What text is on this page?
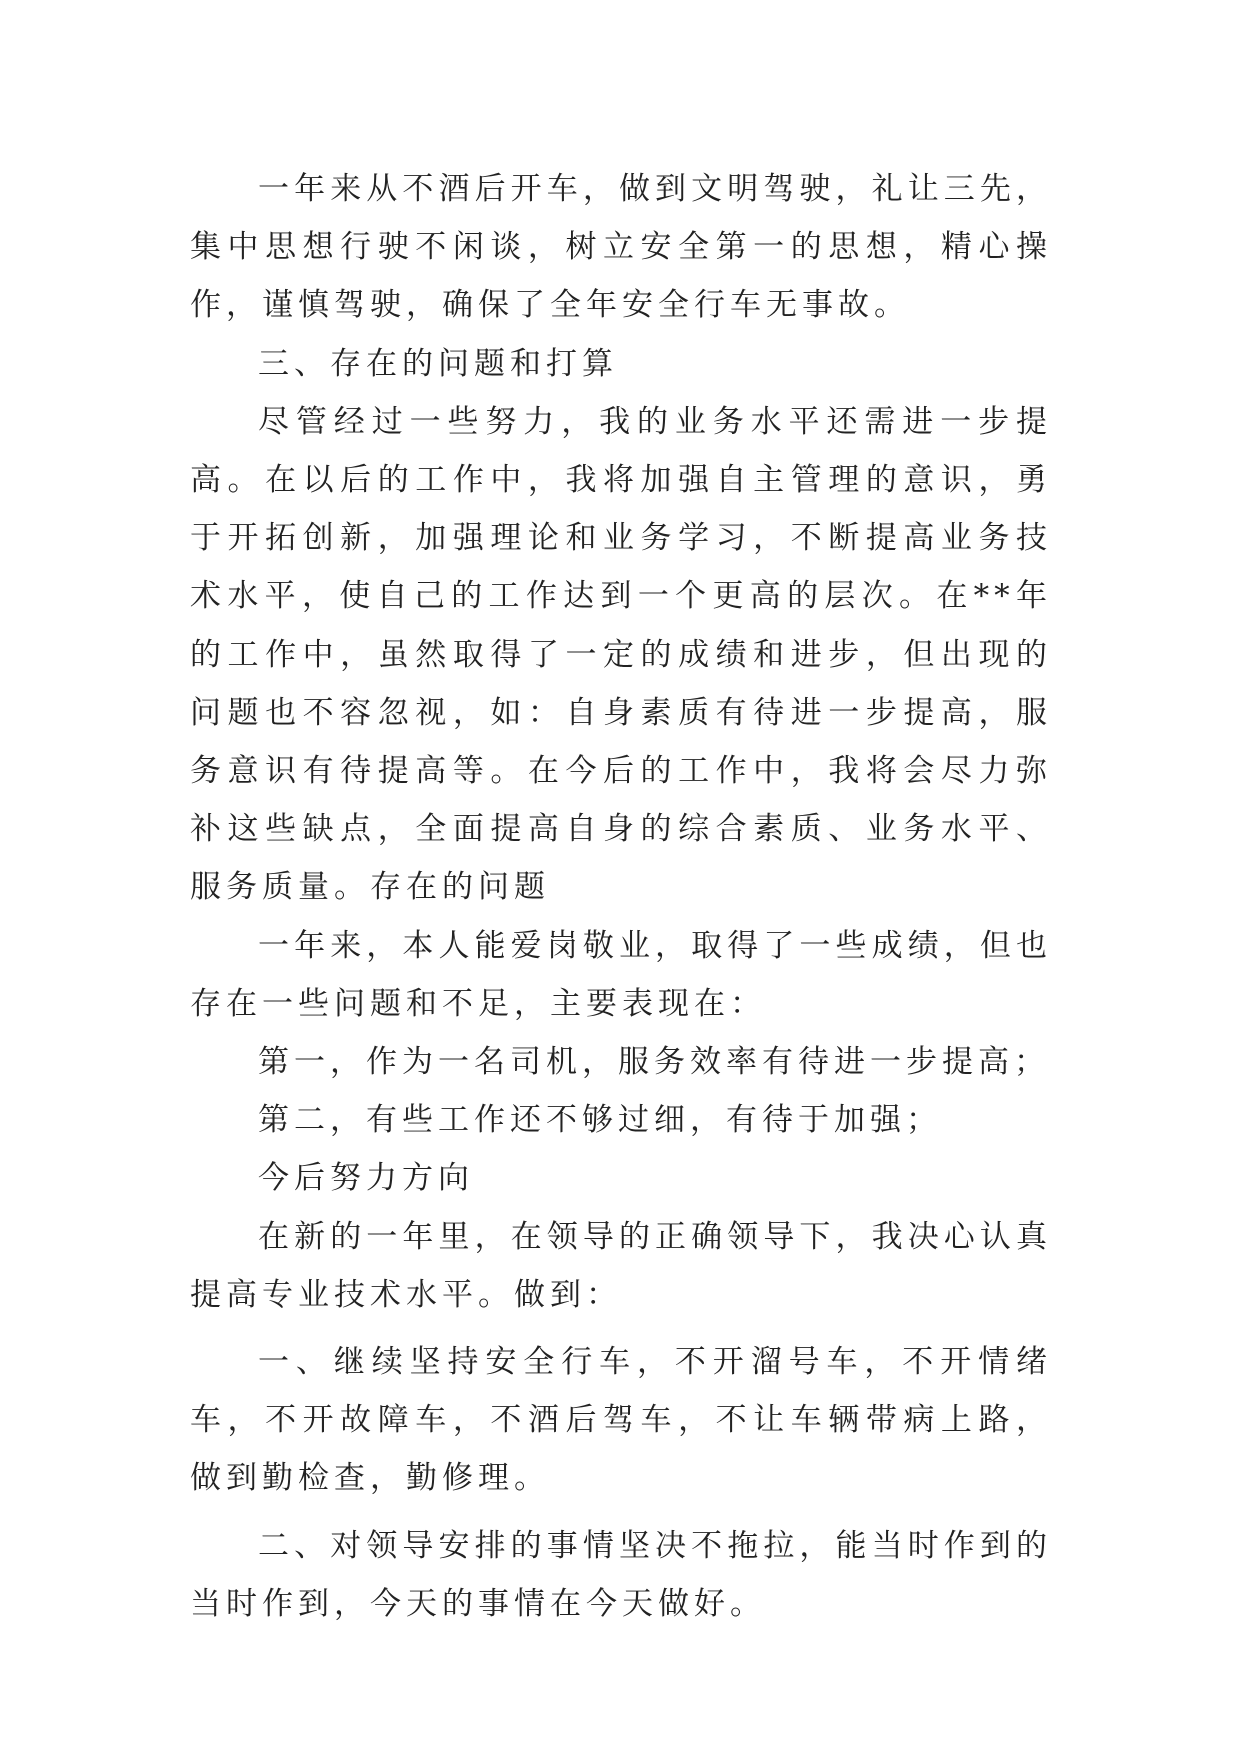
一年来从不酒后开车，做到文明驾驶，礼让三先，集中思想行驶不闲谈，树立安全第一的思想，精心操作，谨慎驾驶，确保了全年安全行车无事故。

三、存在的问题和打算

尽管经过一些努力，我的业务水平还需进一步提高。在以后的工作中，我将加强自主管理的意识，勇于开拓创新，加强理论和业务学习，不断提高业务技术水平，使自己的工作达到一个更高的层次。在**年的工作中，虽然取得了一定的成绩和进步，但出现的问题也不容忽视，如：自身素质有待进一步提高，服务意识有待提高等。在今后的工作中，我将会尽力弥补这些缺点，全面提高自身的综合素质、业务水平、服务质量。存在的问题

一年来，本人能爱岗敬业，取得了一些成绩，但也存在一些问题和不足，主要表现在：

第一，作为一名司机，服务效率有待进一步提高；

第二，有些工作还不够过细，有待于加强；

今后努力方向

在新的一年里，在领导的正确领导下，我决心认真提高专业技术水平。做到：

一、继续坚持安全行车，不开溜号车，不开情绪车，不开故障车，不酒后驾车，不让车辆带病上路，做到勤检查，勤修理。

二、对领导安排的事情坚决不拖拉，能当时作到的当时作到，今天的事情在今天做好。
